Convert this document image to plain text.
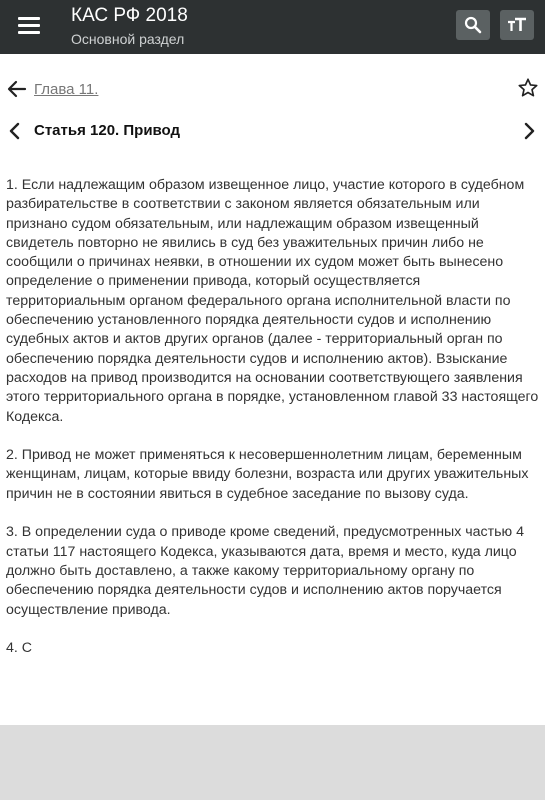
КАС РФ 2018
Основной раздел
Глава 11.
Статья 120. Привод

1. Если надлежащим образом извещенное лицо, участие которого в судебном разбирательстве в соответствии с законом является обязательным или признано судом обязательным, или надлежащим образом извещенный свидетель повторно не явились в суд без уважительных причин либо не сообщили о причинах неявки, в отношении их судом может быть вынесено определение о применении привода, который осуществляется территориальным органом федерального органа исполнительной власти по обеспечению установленного порядка деятельности судов и исполнению судебных актов и актов других органов (далее - территориальный орган по обеспечению порядка деятельности судов и исполнению актов). Взыскание расходов на привод производится на основании соответствующего заявления этого территориального органа в порядке, установленном главой 33 настоящего Кодекса.

2. Привод не может применяться к несовершеннолетним лицам, беременным женщинам, лицам, которые ввиду болезни, возраста или других уважительных причин не в состоянии явиться в судебное заседание по вызову суда.

3. В определении суда о приводе кроме сведений, предусмотренных частью 4 статьи 117 настоящего Кодекса, указываются дата, время и место, куда лицо должно быть доставлено, а также какому территориальному органу по обеспечению порядка деятельности судов и исполнению актов поручается осуществление привода.

4. С
